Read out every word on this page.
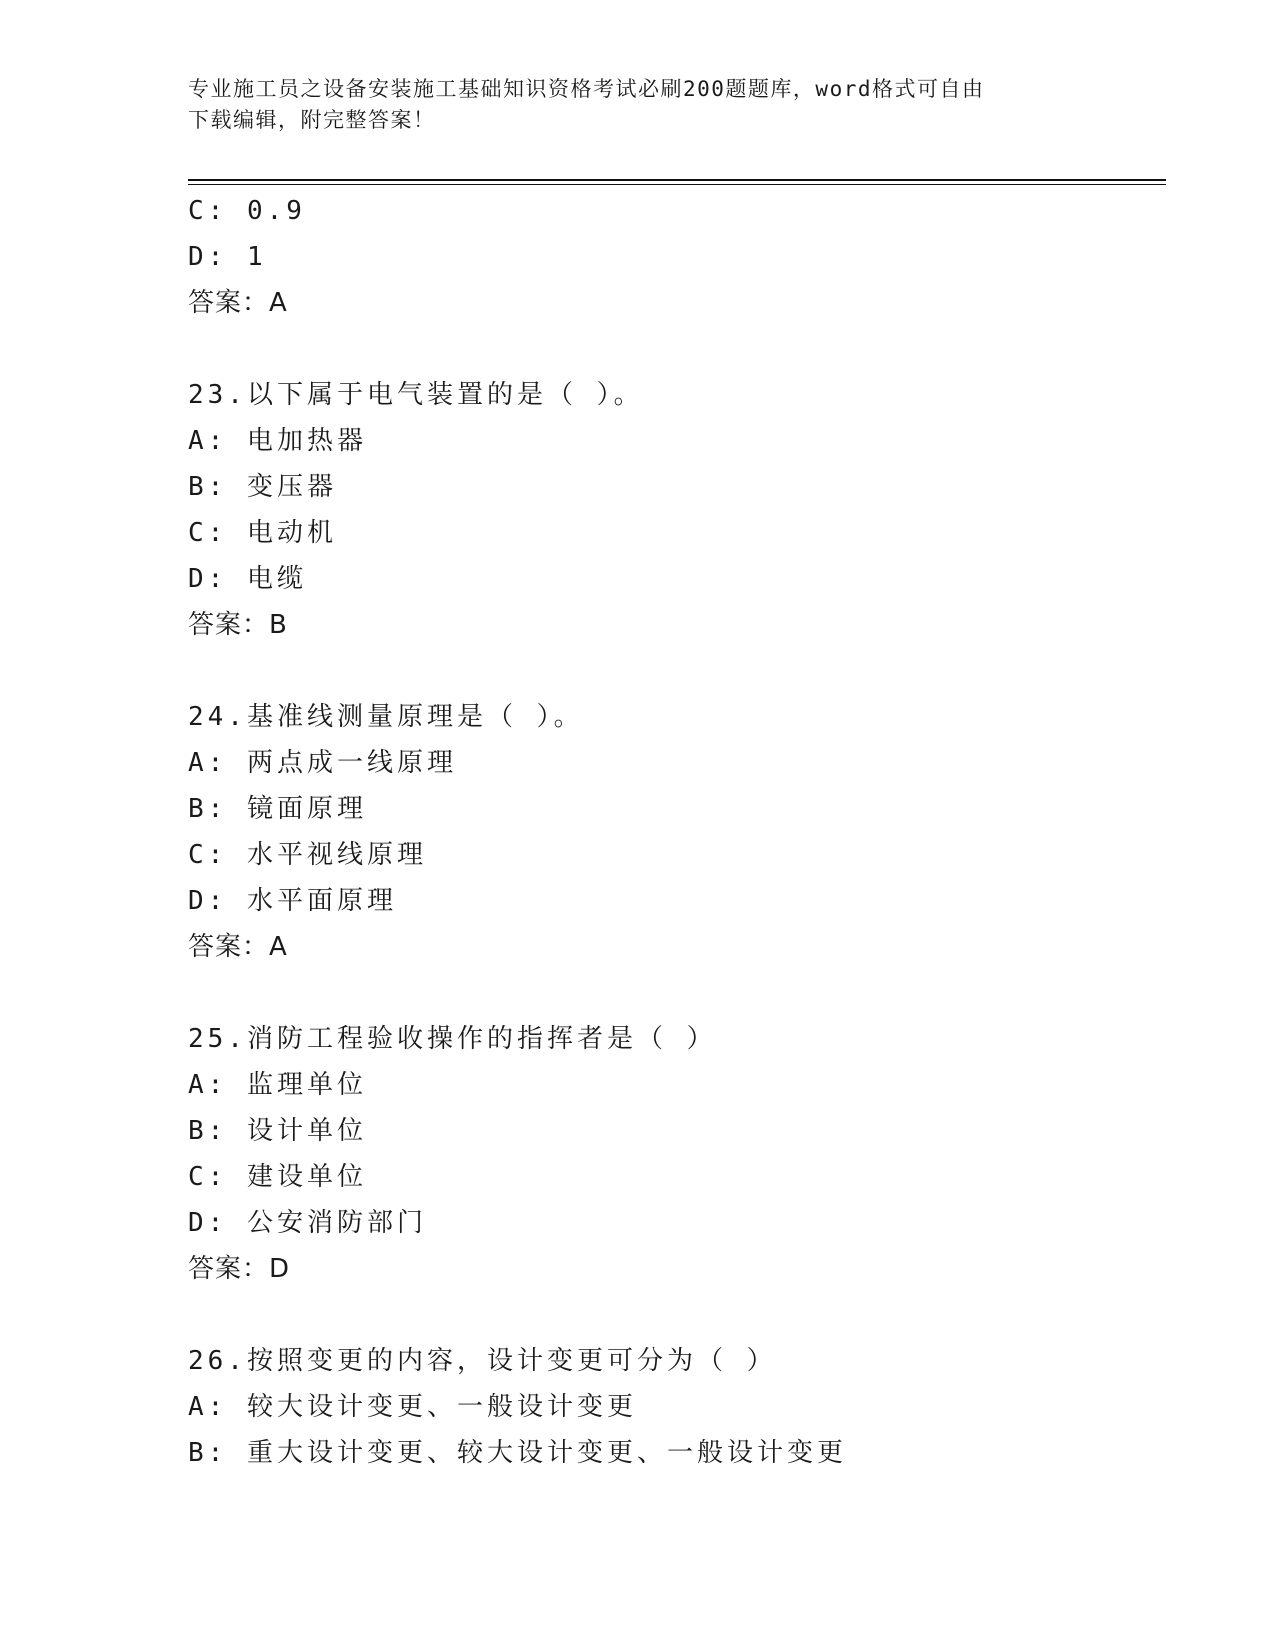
专业施工员之设备安装施工基础知识资格考试必刷200题题库，word格式可自由
下载编辑，附完整答案！
C: 0.9
D: 1
答案：A
23.以下属于电气装置的是（ ）。
A: 电加热器
B: 变压器
C: 电动机
D: 电缆
答案：B
24.基准线测量原理是（ ）。
A: 两点成一线原理
B: 镜面原理
C: 水平视线原理
D: 水平面原理
答案：A
25.消防工程验收操作的指挥者是（ ）
A: 监理单位
B: 设计单位
C: 建设单位
D: 公安消防部门
答案：D
26.按照变更的内容，设计变更可分为（ ）
A: 较大设计变更、一般设计变更
B: 重大设计变更、较大设计变更、一般设计变更
